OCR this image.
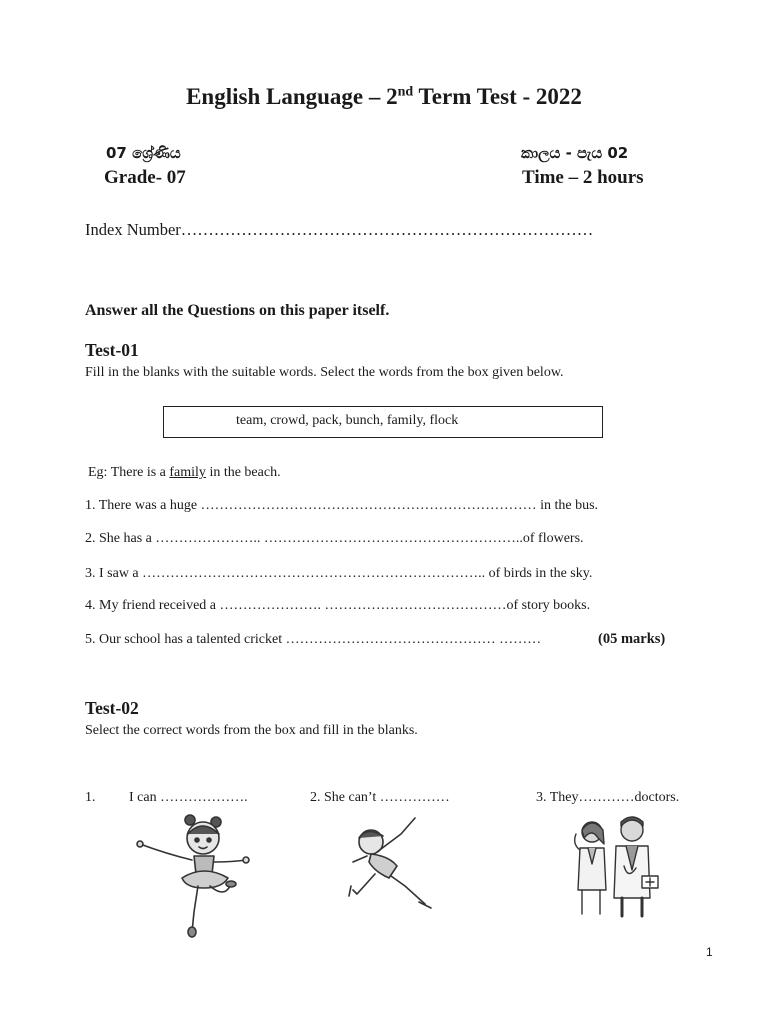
English Language – 2nd Term Test - 2022
07 ශ්‍රේණිය
Grade- 07
කාලය - පැය 02
Time – 2 hours
Index Number…………………………………………………………………
Answer all the Questions on this paper itself.
Test-01
Fill in the blanks with the suitable words. Select the words from the box given below.
team, crowd, pack, bunch, family, flock
Eg: There is a family in the beach.
1. There was a huge ……………………………………………………………… in the bus.
2. She has a ………………….. ………………………………………………..of flowers.
3. I saw a ……………………………………………………………….. of birds in the sky.
4. My friend received a …………………. …………………………………of story books.
5. Our school has a talented cricket ……………………………………… ………	(05 marks)
Test-02
Select the correct words from the box and fill in the blanks.
1. I can ……………….	2. She can’t ……………	3. They…………doctors.
1
